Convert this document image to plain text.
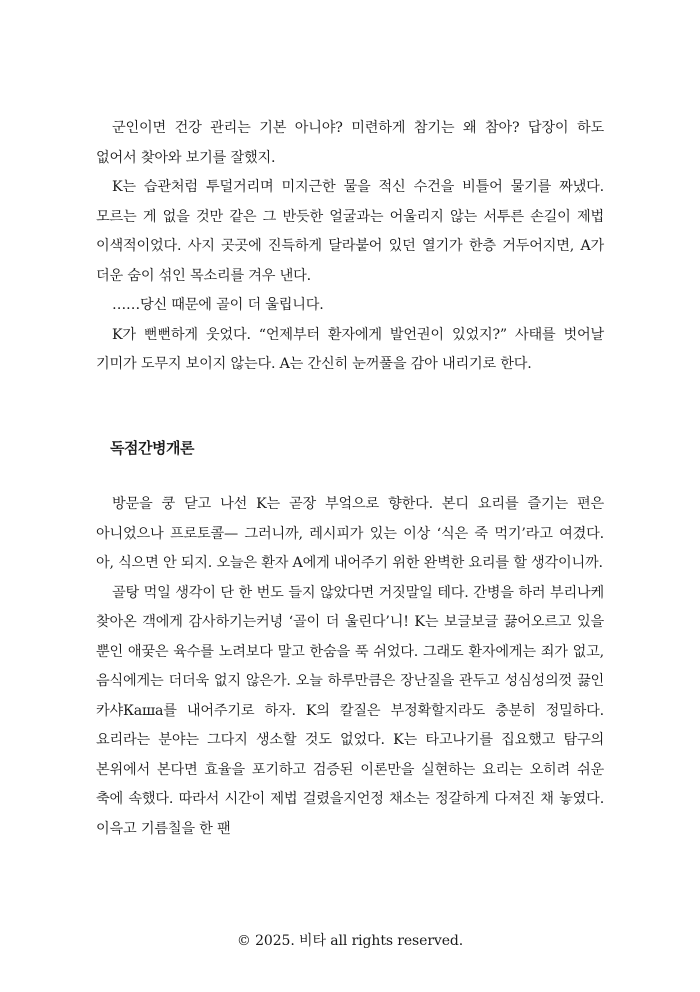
군인이면 건강 관리는 기본 아니야? 미련하게 참기는 왜 참아? 답장이 하도 없어서 찾아와 보기를 잘했지.

K는 습관처럼 투덜거리며 미지근한 물을 적신 수건을 비틀어 물기를 짜냈다. 모르는 게 없을 것만 같은 그 반듯한 얼굴과는 어울리지 않는 서투른 손길이 제법 이색적이었다. 사지 곳곳에 진득하게 달라붙어 있던 열기가 한층 거두어지면, A가 더운 숨이 섞인 목소리를 겨우 낸다.

……당신 때문에 골이 더 울립니다.

K가 뻔뻔하게 웃었다. “언제부터 환자에게 발언권이 있었지?” 사태를 벗어날 기미가 도무지 보이지 않는다. A는 간신히 눈꺼풀을 감아 내리기로 한다.

독점간병개론

방문을 쿵 닫고 나선 K는 곧장 부엌으로 향한다. 본디 요리를 즐기는 편은 아니었으나 프로토콜— 그러니까, 레시피가 있는 이상 ‘식은 죽 먹기’라고 여겼다. 아, 식으면 안 되지. 오늘은 환자 A에게 내어주기 위한 완벽한 요리를 할 생각이니까.

골탕 먹일 생각이 단 한 번도 들지 않았다면 거짓말일 테다. 간병을 하러 부리나케 찾아온 객에게 감사하기는커녕 ‘골이 더 울린다’니! K는 보글보글 끓어오르고 있을 뿐인 애꿎은 육수를 노려보다 말고 한숨을 푹 쉬었다. 그래도 환자에게는 죄가 없고, 음식에게는 더더욱 없지 않은가. 오늘 하루만큼은 장난질을 관두고 성심성의껏 끓인 카샤Каша를 내어주기로 하자. K의 칼질은 부정확할지라도 충분히 정밀하다. 요리라는 분야는 그다지 생소할 것도 없었다. K는 타고나기를 집요했고 탐구의 본위에서 본다면 효율을 포기하고 검증된 이론만을 실현하는 요리는 오히려 쉬운 축에 속했다. 따라서 시간이 제법 걸렸을지언정 채소는 정갈하게 다져진 채 놓였다. 이윽고 기름칠을 한 팬

© 2025. 비타 all rights reserved.
